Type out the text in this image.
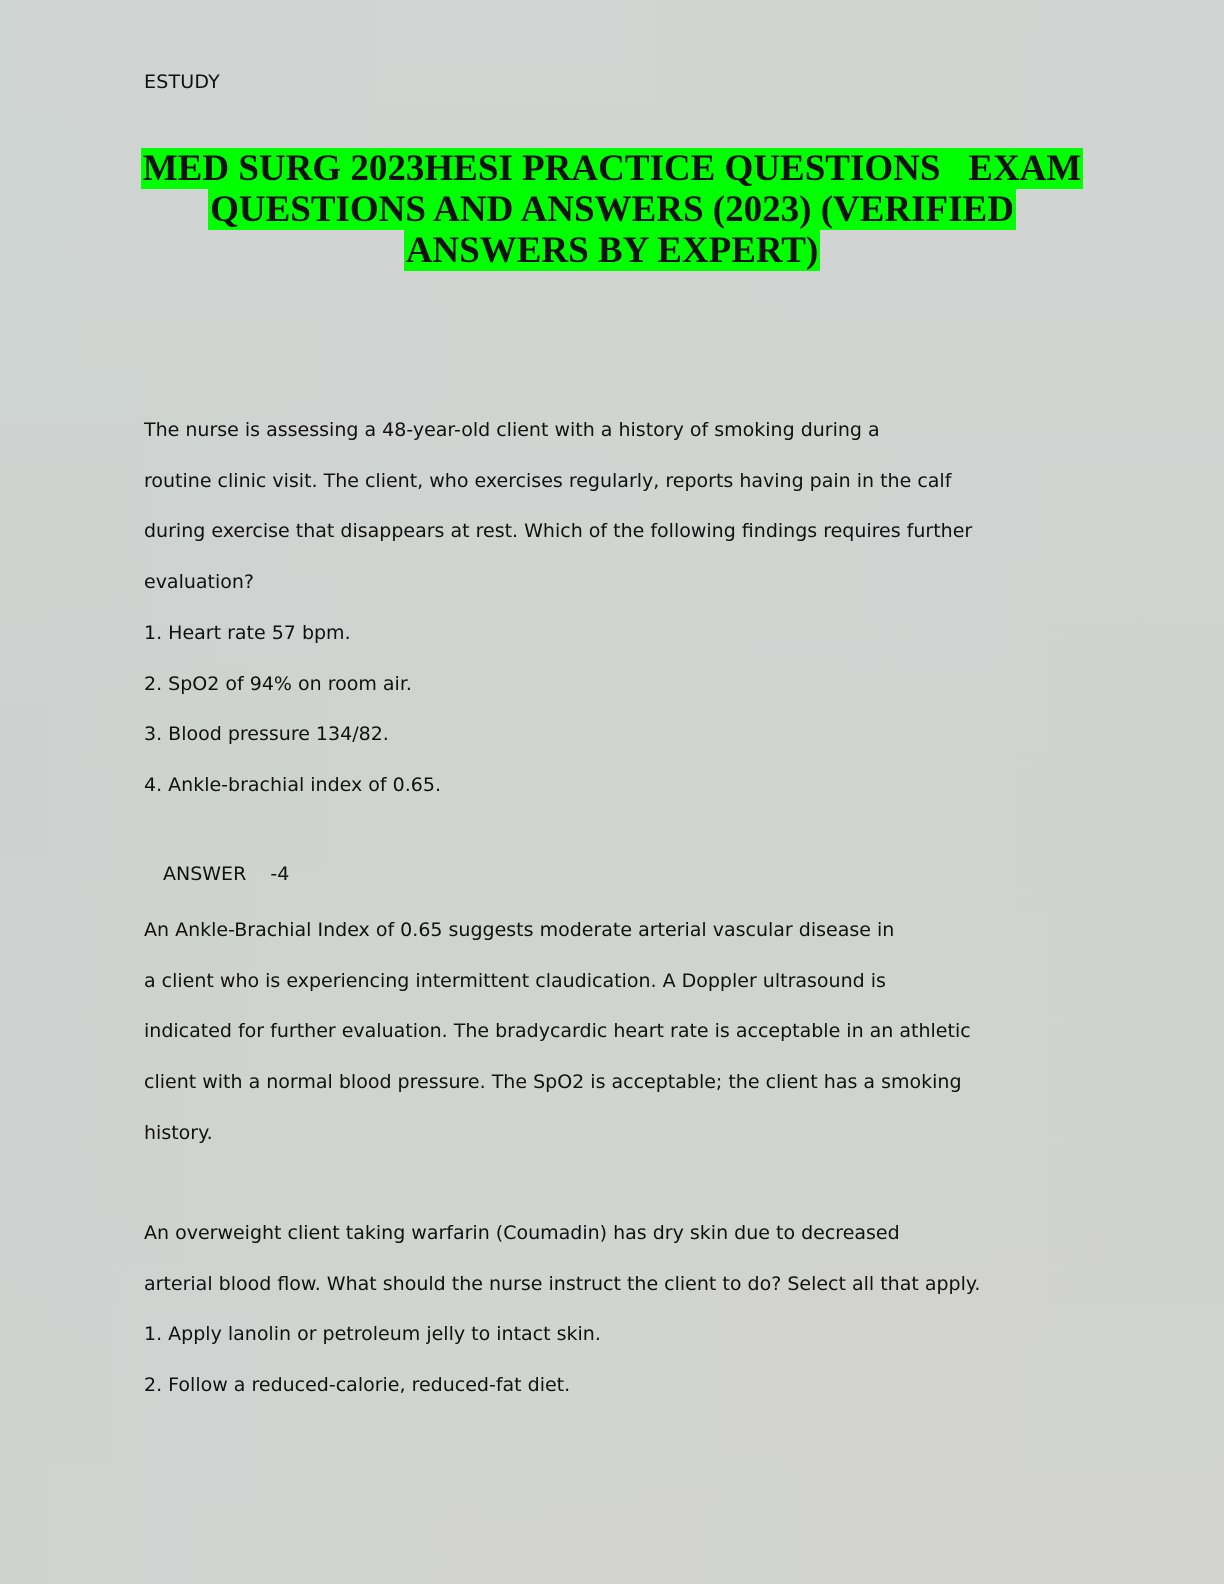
ESTUDY
MED SURG 2023HESI PRACTICE QUESTIONS   EXAM
QUESTIONS AND ANSWERS (2023) (VERIFIED
ANSWERS BY EXPERT)

The nurse is assessing a 48-year-old client with a history of smoking during a

routine clinic visit. The client, who exercises regularly, reports having pain in the calf

during exercise that disappears at rest. Which of the following findings requires further

evaluation?

1. Heart rate 57 bpm.

2. SpO2 of 94% on room air.

3. Blood pressure 134/82.

4. Ankle-brachial index of 0.65.

ANSWER    -4

An Ankle-Brachial Index of 0.65 suggests moderate arterial vascular disease in

a client who is experiencing intermittent claudication. A Doppler ultrasound is

indicated for further evaluation. The bradycardic heart rate is acceptable in an athletic

client with a normal blood pressure. The SpO2 is acceptable; the client has a smoking

history.

An overweight client taking warfarin (Coumadin) has dry skin due to decreased

arterial blood flow. What should the nurse instruct the client to do? Select all that apply.

1. Apply lanolin or petroleum jelly to intact skin.

2. Follow a reduced-calorie, reduced-fat diet.
